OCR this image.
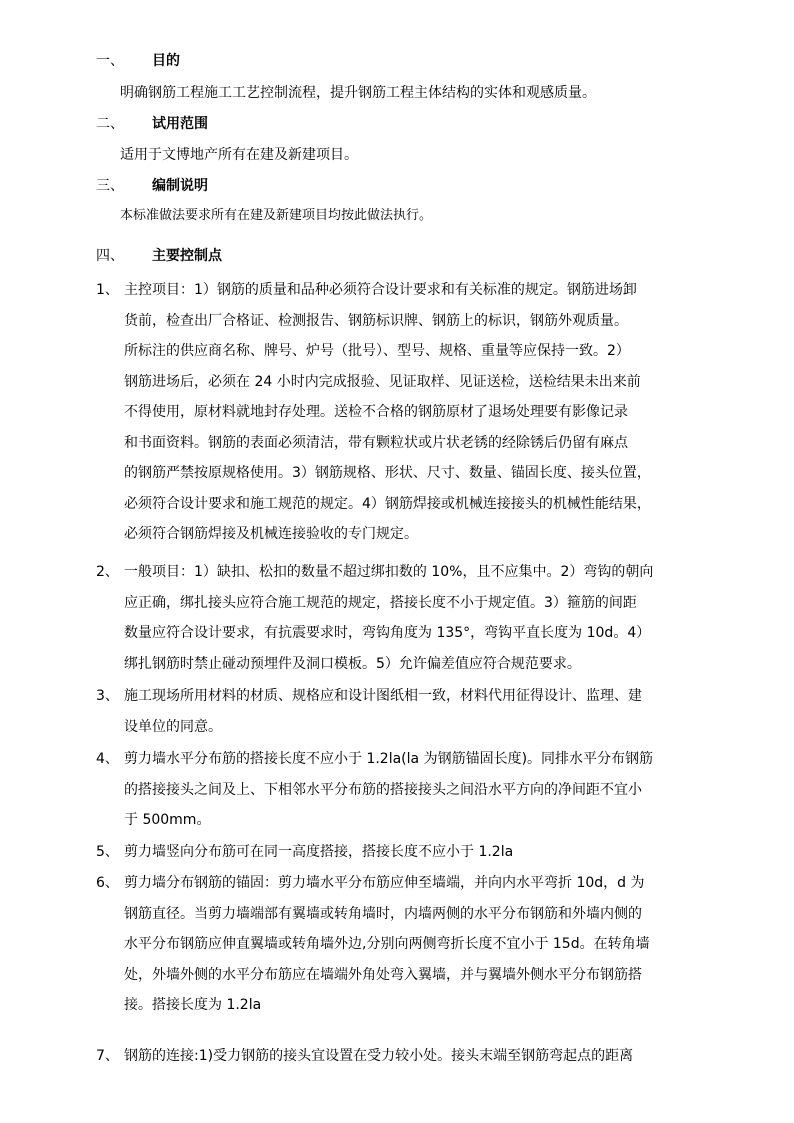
一、 目的
明确钢筋工程施工工艺控制流程，提升钢筋工程主体结构的实体和观感质量。
二、 试用范围
适用于文博地产所有在建及新建项目。
三、 编制说明
本标准做法要求所有在建及新建项目均按此做法执行。
四、 主要控制点
1、 主控项目：1）钢筋的质量和品种必须符合设计要求和有关标准的规定。钢筋进场卸
货前，检查出厂合格证、检测报告、钢筋标识牌、钢筋上的标识，钢筋外观质量。
所标注的供应商名称、牌号、炉号（批号）、型号、规格、重量等应保持一致。2）
钢筋进场后，必须在 24 小时内完成报验、见证取样、见证送检，送检结果未出来前
不得使用，原材料就地封存处理。送检不合格的钢筋原材了退场处理要有影像记录
和书面资料。钢筋的表面必须清洁，带有颗粒状或片状老锈的经除锈后仍留有麻点
的钢筋严禁按原规格使用。3）钢筋规格、形状、尺寸、数量、锚固长度、接头位置，
必须符合设计要求和施工规范的规定。4）钢筋焊接或机械连接接头的机械性能结果，
必须符合钢筋焊接及机械连接验收的专门规定。
2、 一般项目：1）缺扣、松扣的数量不超过绑扣数的 10%，且不应集中。2）弯钩的朝向
应正确，绑扎接头应符合施工规范的规定，搭接长度不小于规定值。3）箍筋的间距
数量应符合设计要求，有抗震要求时，弯钩角度为 135°，弯钩平直长度为 10d。4）
绑扎钢筋时禁止碰动预埋件及洞口模板。5）允许偏差值应符合规范要求。
3、 施工现场所用材料的材质、规格应和设计图纸相一致，材料代用征得设计、监理、建
设单位的同意。
4、 剪力墙水平分布筋的搭接长度不应小于 1.2la(la 为钢筋锚固长度)。同排水平分布钢筋
的搭接接头之间及上、下相邻水平分布筋的搭接接头之间沿水平方向的净间距不宜小
于 500mm。
5、 剪力墙竖向分布筋可在同一高度搭接，搭接长度不应小于 1.2la
6、 剪力墙分布钢筋的锚固：剪力墙水平分布筋应伸至墙端，并向内水平弯折 10d，d 为
钢筋直径。当剪力墙端部有翼墙或转角墙时，内墙两侧的水平分布钢筋和外墙内侧的
水平分布钢筋应伸直翼墙或转角墙外边,分别向两侧弯折长度不宜小于 15d。在转角墙
处，外墙外侧的水平分布筋应在墙端外角处弯入翼墙，并与翼墙外侧水平分布钢筋搭
接。搭接长度为 1.2la
7、 钢筋的连接:1)受力钢筋的接头宜设置在受力较小处。接头末端至钢筋弯起点的距离
